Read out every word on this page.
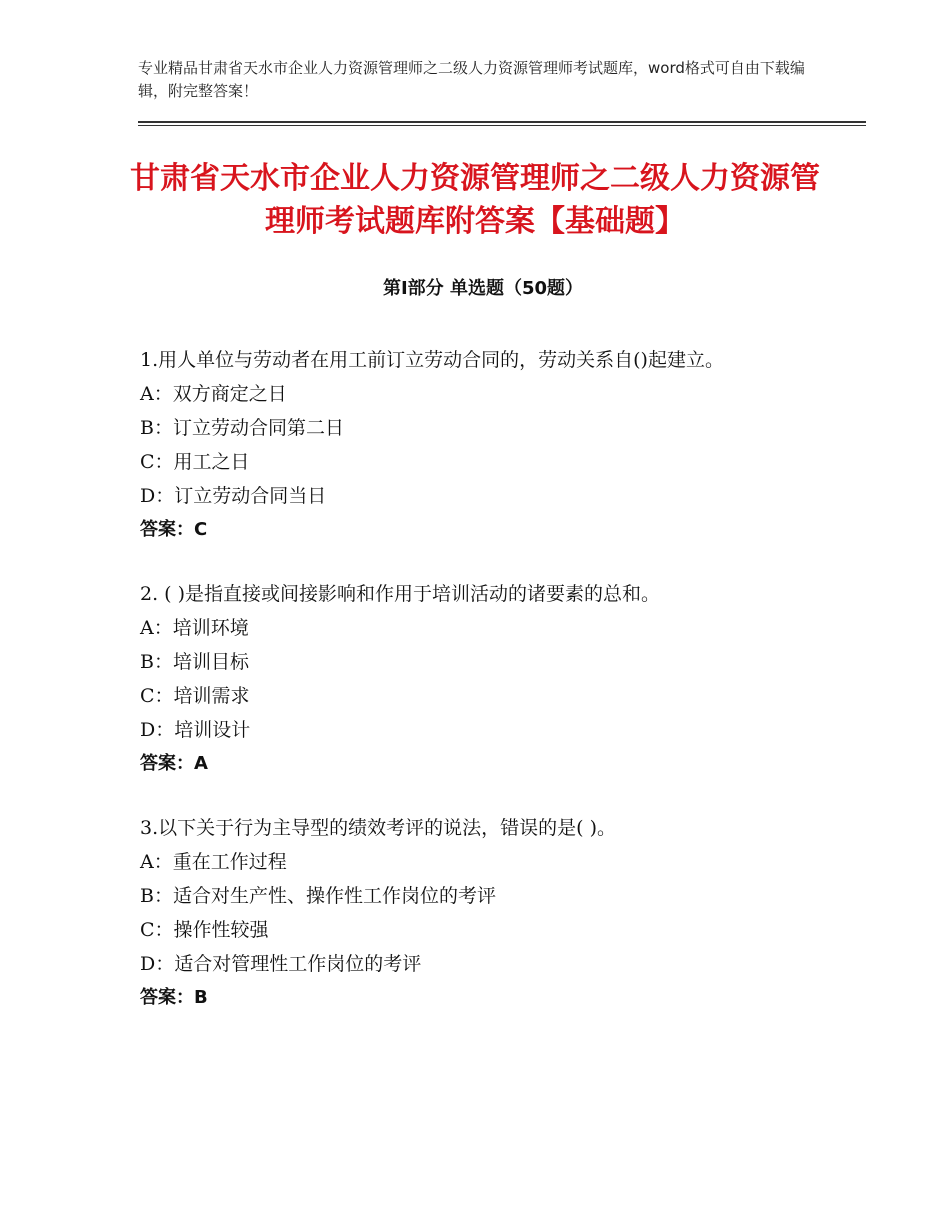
专业精品甘肃省天水市企业人力资源管理师之二级人力资源管理师考试题库，word格式可自由下载编辑，附完整答案！
甘肃省天水市企业人力资源管理师之二级人力资源管理师考试题库附答案【基础题】
第Ⅰ部分 单选题（50题）
1.用人单位与劳动者在用工前订立劳动合同的，劳动关系自()起建立。
A：双方商定之日
B：订立劳动合同第二日
C：用工之日
D：订立劳动合同当日
答案：C
2. ( )是指直接或间接影响和作用于培训活动的诸要素的总和。
A：培训环境
B：培训目标
C：培训需求
D：培训设计
答案：A
3.以下关于行为主导型的绩效考评的说法，错误的是( )。
A：重在工作过程
B：适合对生产性、操作性工作岗位的考评
C：操作性较强
D：适合对管理性工作岗位的考评
答案：B
